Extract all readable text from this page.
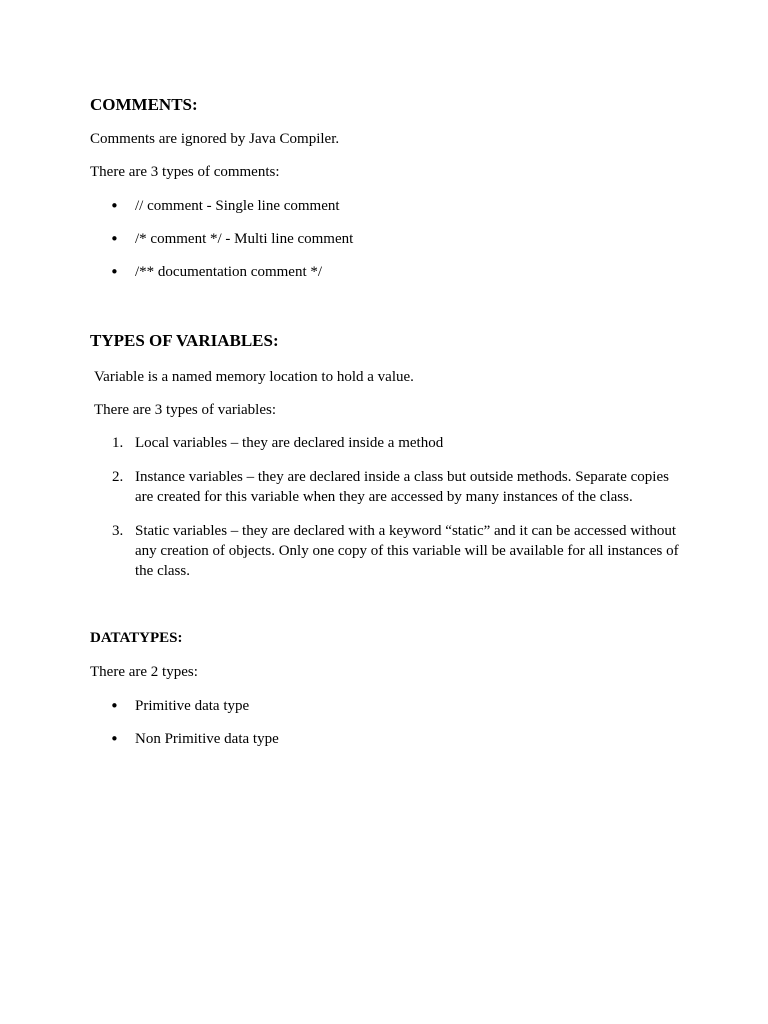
COMMENTS:

Comments are ignored by Java Compiler.

There are 3 types of comments:

• // comment - Single line comment
• /* comment */ - Multi line comment
• /** documentation comment */
TYPES OF VARIABLES:

Variable is a named memory location to hold a value.

There are 3 types of variables:

1. Local variables – they are declared inside a method
2. Instance variables – they are declared inside a class but outside methods. Separate copies are created for this variable when they are accessed by many instances of the class.
3. Static variables – they are declared with a keyword “static” and it can be accessed without any creation of objects. Only one copy of this variable will be available for all instances of the class.
DATATYPES:

There are 2 types:

• Primitive data type
• Non Primitive data type
